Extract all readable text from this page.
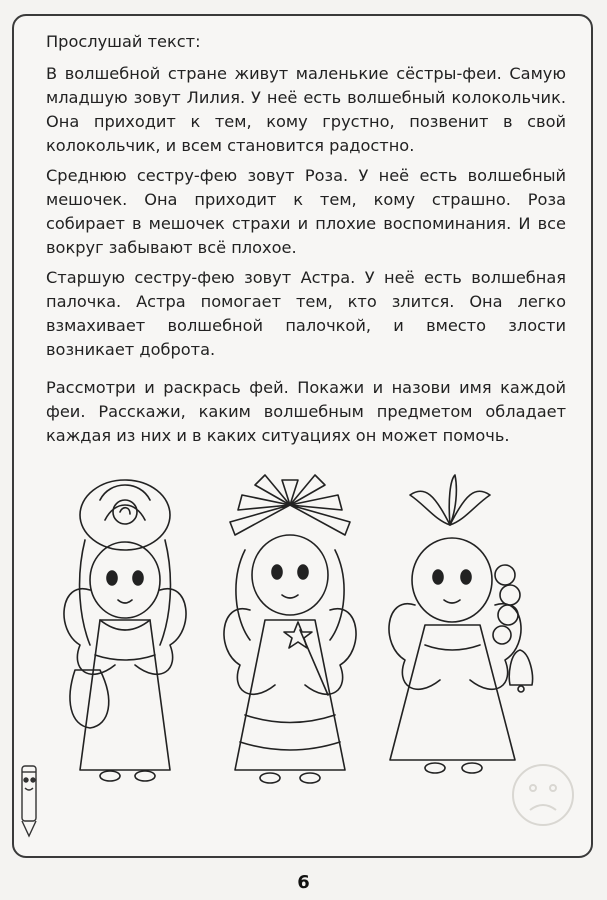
Прослушай текст:

В волшебной стране живут маленькие сёстры-феи. Самую младшую зовут Лилия. У неё есть волшебный колокольчик. Она приходит к тем, кому грустно, позвенит в свой колокольчик, и всем становится радостно.

Среднюю сестру-фею зовут Роза. У неё есть волшебный мешочек. Она приходит к тем, кому страшно. Роза собирает в мешочек страхи и плохие воспоминания. И все вокруг забывают всё плохое.

Старшую сестру-фею зовут Астра. У неё есть волшебная палочка. Астра помогает тем, кто злится. Она легко взмахивает волшебной палочкой, и вместо злости возникает доброта.

Рассмотри и раскрась фей. Покажи и назови имя каждой феи. Расскажи, каким волшебным предметом обладает каждая из них и в каких ситуациях он может помочь.

6
